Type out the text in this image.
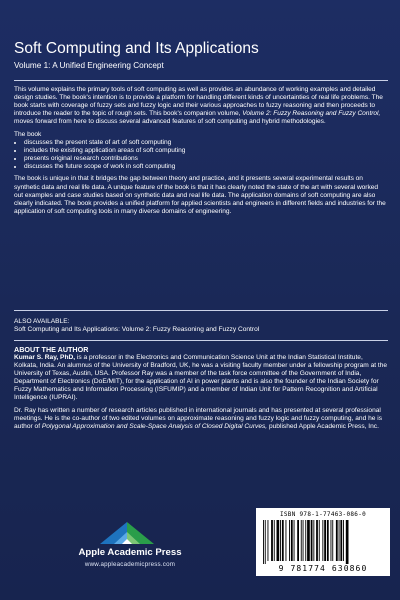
Soft Computing and Its Applications
Volume 1: A Unified Engineering Concept

This volume explains the primary tools of soft computing as well as provides an abundance of working examples and detailed design studies. The book's intention is to provide a platform for handling different kinds of uncertainties of real life problems. The book starts with coverage of fuzzy sets and fuzzy logic and their various approaches to fuzzy reasoning and then proceeds to introduce the reader to the topic of rough sets. This book's companion volume, Volume 2: Fuzzy Reasoning and Fuzzy Control, moves forward from here to discuss several advanced features of soft computing and hybrid methodologies.

The book
• discusses the present state of art of soft computing
• includes the existing application areas of soft computing
• presents original research contributions
• discusses the future scope of work in soft computing

The book is unique in that it bridges the gap between theory and practice, and it presents several experimental results on synthetic data and real life data. A unique feature of the book is that it has clearly noted the state of the art with several worked out examples and case studies based on synthetic data and real life data. The application domains of soft computing are also clearly indicated. The book provides a unified platform for applied scientists and engineers in different fields and industries for the application of soft computing tools in many diverse domains of engineering.

ALSO AVAILABLE:
Soft Computing and Its Applications: Volume 2: Fuzzy Reasoning and Fuzzy Control
ABOUT THE AUTHOR

Kumar S. Ray, PhD, is a professor in the Electronics and Communication Science Unit at the Indian Statistical Institute, Kolkata, India. An alumnus of the University of Bradford, UK, he was a visiting faculty member under a fellowship program at the University of Texas, Austin, USA. Professor Ray was a member of the task force committee of the Government of India, Department of Electronics (DoE/MIT), for the application of AI in power plants and is also the founder of the Indian Society for Fuzzy Mathematics and Information Processing (ISFUMIP) and a member of Indian Unit for Pattern Recognition and Artificial Intelligence (IUPRAI).

Dr. Ray has written a number of research articles published in international journals and has presented at several professional meetings. He is the co-author of two edited volumes on approximate reasoning and fuzzy logic and fuzzy computing, and he is author of Polygonal Approximation and Scale-Space Analysis of Closed Digital Curves, published Apple Academic Press, Inc.

Apple Academic Press
www.appleacademicpress.com
ISBN 978-1-77463-086-0
9 781774 630860
